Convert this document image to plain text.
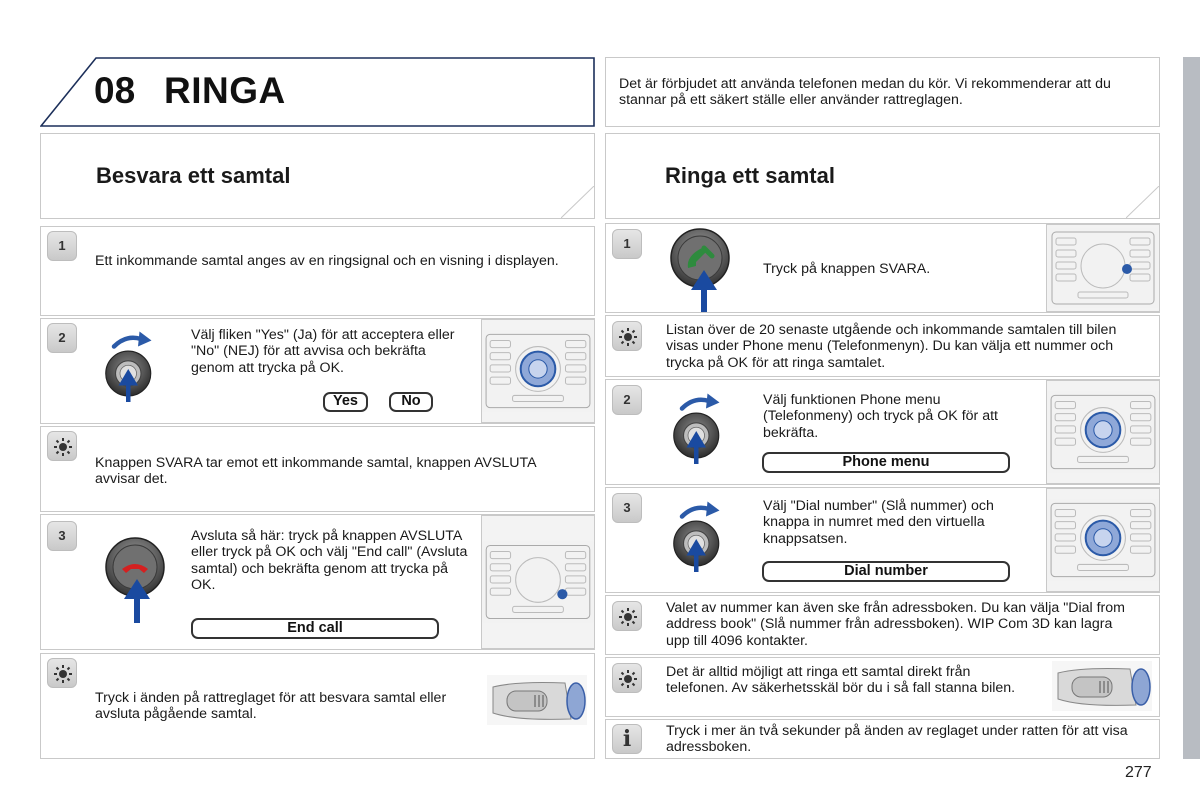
08 RINGA	Det är förbjudet att använda telefonen medan du kör. Vi rekommenderar att du stannar på ett säkert ställe eller använder rattreglagen.
Besvara ett samtal
1
Ett inkommande samtal anges av en ringsignal och en visning i displayen.
2	Välj fliken "Yes" (Ja) för att acceptera eller "No" (NEJ) för att avvisa och bekräfta genom att trycka på OK.
Yes	No
Knappen SVARA tar emot ett inkommande samtal, knappen AVSLUTA avvisar det.
3	Avsluta så här: tryck på knappen AVSLUTA eller tryck på OK och välj "End call" (Avsluta samtal) och bekräfta genom att trycka på OK.
End call
Tryck i änden på rattreglaget för att besvara samtal eller avsluta pågående samtal.
Ringa ett samtal
1
Tryck på knappen SVARA.
Listan över de 20 senaste utgående och inkommande samtalen till bilen visas under Phone menu (Telefonmenyn). Du kan välja ett nummer och trycka på OK för att ringa samtalet.
2	Välj funktionen Phone menu (Telefonmeny) och tryck på OK för att bekräfta.
Phone menu
3	Välj "Dial number" (Slå nummer) och knappa in numret med den virtuella knappsatsen.
Dial number
Valet av nummer kan även ske från adressboken. Du kan välja "Dial from address book" (Slå nummer från adressboken). WIP Com 3D kan lagra upp till 4096 kontakter.
Det är alltid möjligt att ringa ett samtal direkt från telefonen. Av säkerhetsskäl bör du i så fall stanna bilen.
i	Tryck i mer än två sekunder på änden av reglaget under ratten för att visa adressboken.
277
